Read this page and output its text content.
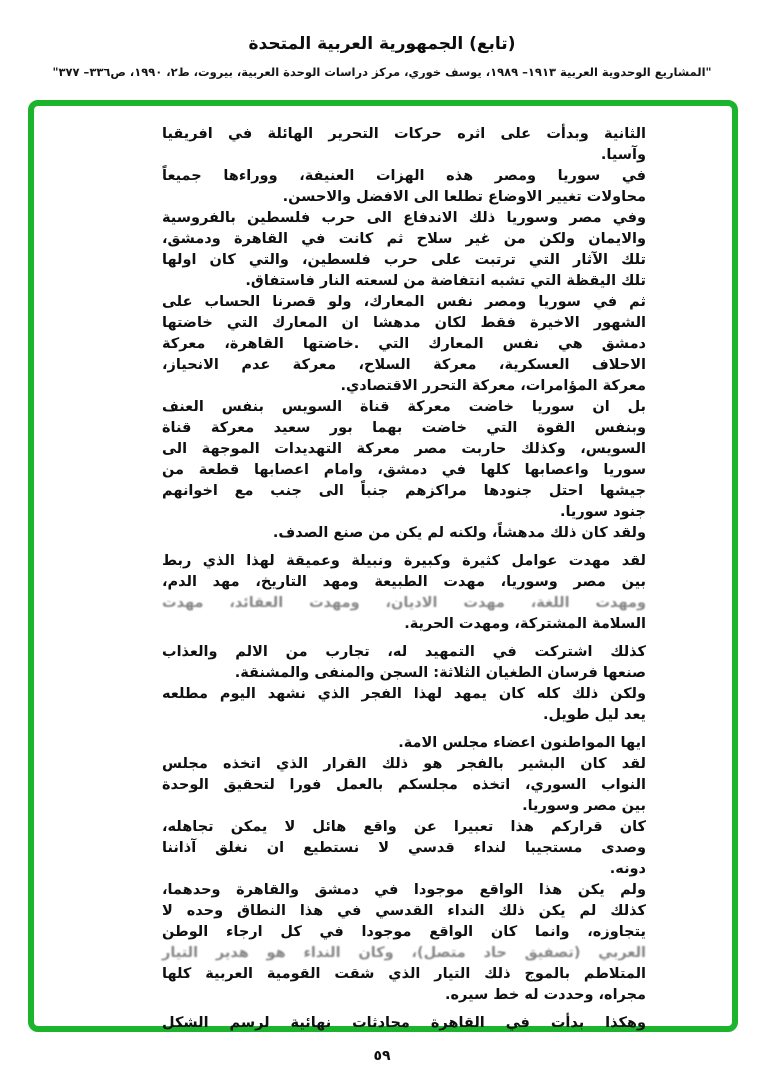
(تابع) الجمهورية العربية المتحدة
"المشاريع الوحدوية العربية ١٩١٣– ١٩٨٩، يوسف خوري، مركز دراسات الوحدة العربية، بيروت، ط٢، ١٩٩٠، ص٣٣٦– ٣٧٧"
الثانية وبدأت على اثره حركات التحرير الهائلة في افريقيا
وآسيا.
في سوريا ومصر هذه الهزات العنيفة، ووراءها جميعاً
محاولات تغيير الاوضاع تطلعا الى الافضل والاحسن.
وفي مصر وسوريا ذلك الاندفاع الى حرب فلسطين بالفروسية
والايمان ولكن من غير سلاح ثم كانت في القاهرة ودمشق،
تلك الآثار التي ترتبت على حرب فلسطين، والتي كان اولها
تلك اليقظة التي تشبه انتفاضة من لسعته النار فاستفاق.
ثم في سوريا ومصر نفس المعارك، ولو قصرنا الحساب على
الشهور الاخيرة فقط لكان مدهشا ان المعارك التي خاضتها
دمشق هي نفس المعارك التي .خاضتها القاهرة، معركة
الاحلاف العسكرية، معركة السلاح، معركة عدم الانحياز،
معركة المؤامرات، معركة التحرر الاقتصادي.
بل ان سوريا خاضت معركة قناة السويس بنفس العنف
وبنفس القوة التي خاضت بهما بور سعيد معركة قناة
السويس، وكذلك حاربت مصر معركة التهديدات الموجهة الى
سوريا واعصابها كلها في دمشق، وامام اعصابها قطعة من
جيشها احتل جنودها مراكزهم جنباً الى جنب مع اخوانهم
جنود سوريا.
ولقد كان ذلك مدهشاً، ولكنه لم يكن من صنع الصدف.
لقد مهدت عوامل كثيرة وكبيرة ونبيلة وعميقة لهذا الذي ربط
بين مصر وسوريا، مهدت الطبيعة ومهد التاريخ، مهد الدم،
ومهدت اللغة، مهدت الاديان، ومهدت العقائد، مهدت
السلامة المشتركة، ومهدت الحرية.
كذلك اشتركت في التمهيد له، تجارب من الالم والعذاب
صنعها فرسان الطغيان الثلاثة: السجن والمنفى والمشنقة.
ولكن ذلك كله كان يمهد لهذا الفجر الذي نشهد اليوم مطلعه
يعد ليل طويل.
ايها المواطنون اعضاء مجلس الامة.
لقد كان البشير بالفجر هو ذلك القرار الذي اتخذه مجلس
النواب السوري، اتخذه مجلسكم بالعمل فورا لتحقيق الوحدة
بين مصر وسوريا.
كان قراركم هذا تعبيرا عن واقع هائل لا يمكن تجاهله،
وصدى مستجيبا لنداء قدسي لا نستطيع ان نغلق آذاننا
دونه.
ولم يكن هذا الواقع موجودا في دمشق والقاهرة وحدهما،
كذلك لم يكن ذلك النداء القدسي في هذا النطاق وحده لا
يتجاوزه، وانما كان الواقع موجودا في كل ارجاء الوطن
العربي (تصفيق حاد متصل)، وكان النداء هو هدير التيار
المتلاطم بالموج ذلك التيار الذي شقت القومية العربية كلها
مجراه، وحددت له خط سيره.
وهكذا بدأت في القاهرة محادثات نهائية لرسم الشكل
٥٩
